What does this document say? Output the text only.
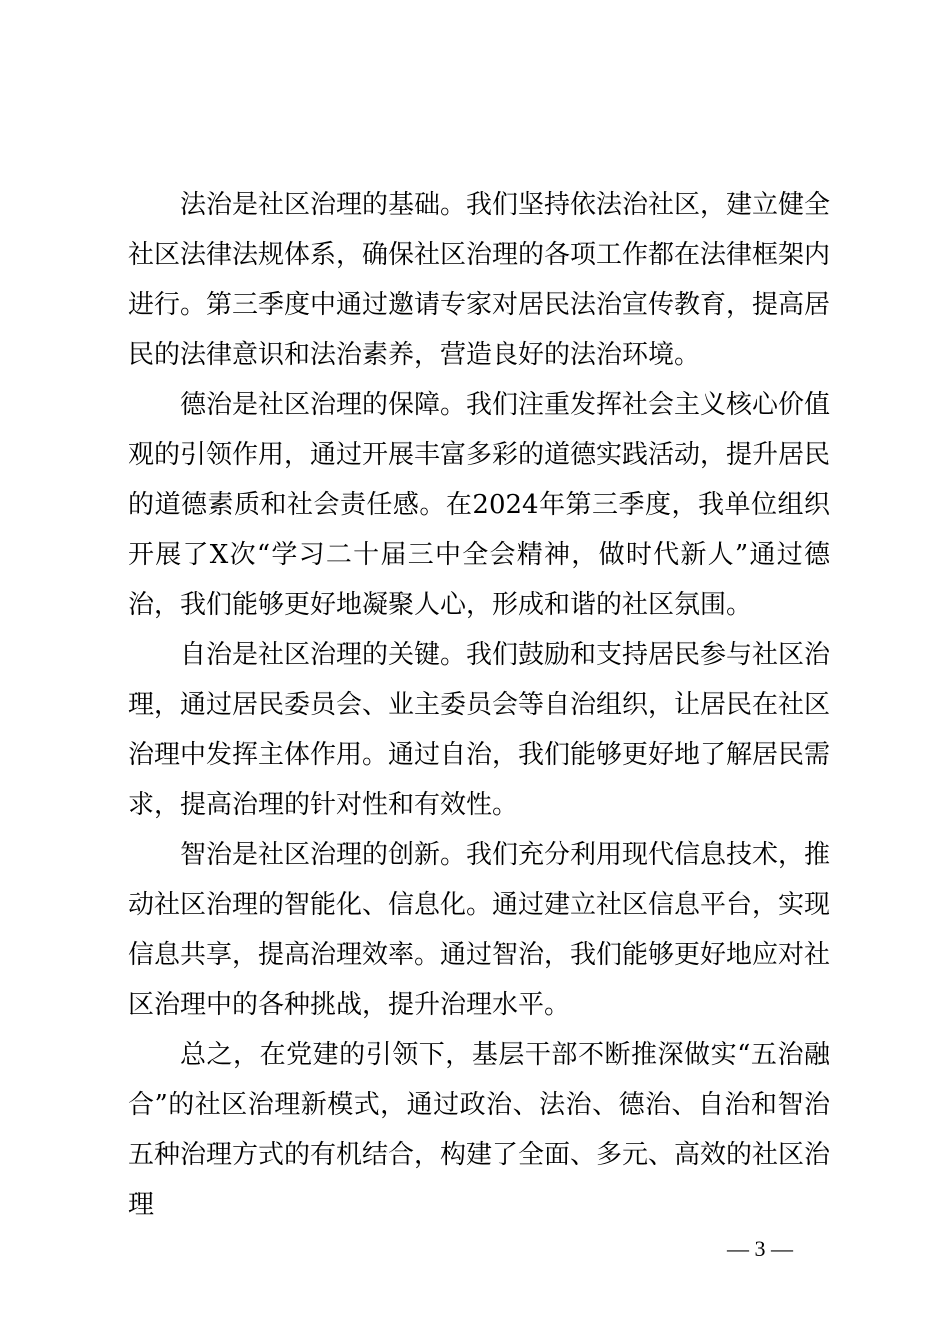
法治是社区治理的基础。我们坚持依法治社区，建立健全社区法律法规体系，确保社区治理的各项工作都在法律框架内进行。第三季度中通过邀请专家对居民法治宣传教育，提高居民的法律意识和法治素养，营造良好的法治环境。

德治是社区治理的保障。我们注重发挥社会主义核心价值观的引领作用，通过开展丰富多彩的道德实践活动，提升居民的道德素质和社会责任感。在2024年第三季度，我单位组织开展了X次“学习二十届三中全会精神，做时代新人”通过德治，我们能够更好地凝聚人心，形成和谐的社区氛围。

自治是社区治理的关键。我们鼓励和支持居民参与社区治理，通过居民委员会、业主委员会等自治组织，让居民在社区治理中发挥主体作用。通过自治，我们能够更好地了解居民需求，提高治理的针对性和有效性。

智治是社区治理的创新。我们充分利用现代信息技术，推动社区治理的智能化、信息化。通过建立社区信息平台，实现信息共享，提高治理效率。通过智治，我们能够更好地应对社区治理中的各种挑战，提升治理水平。

总之，在党建的引领下，基层干部不断推深做实“五治融合”的社区治理新模式，通过政治、法治、德治、自治和智治五种治理方式的有机结合，构建了全面、多元、高效的社区治理

— 3 —
